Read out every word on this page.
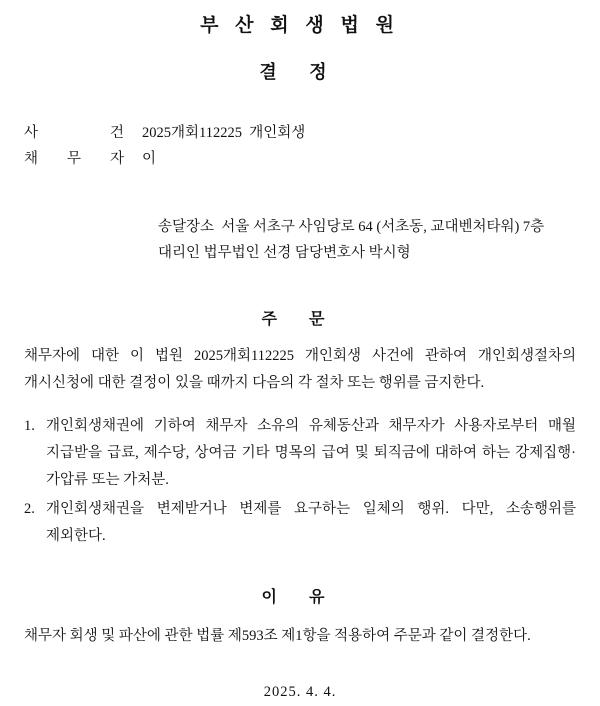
부 산 회 생 법 원
결 정
사	건 2025개회112225  개인회생
채 무 자 이
송달장소  서울 서초구 사임당로 64 (서초동, 교대벤처타워) 7층
대리인 법무법인 선경 담당변호사 박시형
주 문
채무자에 대한 이 법원 2025개회112225 개인회생 사건에 관하여 개인회생절차의 개시신청에 대한 결정이 있을 때까지 다음의 각 절차 또는 행위를 금지한다.
1. 개인회생채권에 기하여 채무자 소유의 유체동산과 채무자가 사용자로부터 매월 지급받을 급료, 제수당, 상여금 기타 명목의 급여 및 퇴직금에 대하여 하는 강제집행·가압류 또는 가처분.
2. 개인회생채권을 변제받거나 변제를 요구하는 일체의 행위. 다만, 소송행위를 제외한다.
이 유
채무자 회생 및 파산에 관한 법률 제593조 제1항을 적용하여 주문과 같이 결정한다.
2025. 4. 4.
